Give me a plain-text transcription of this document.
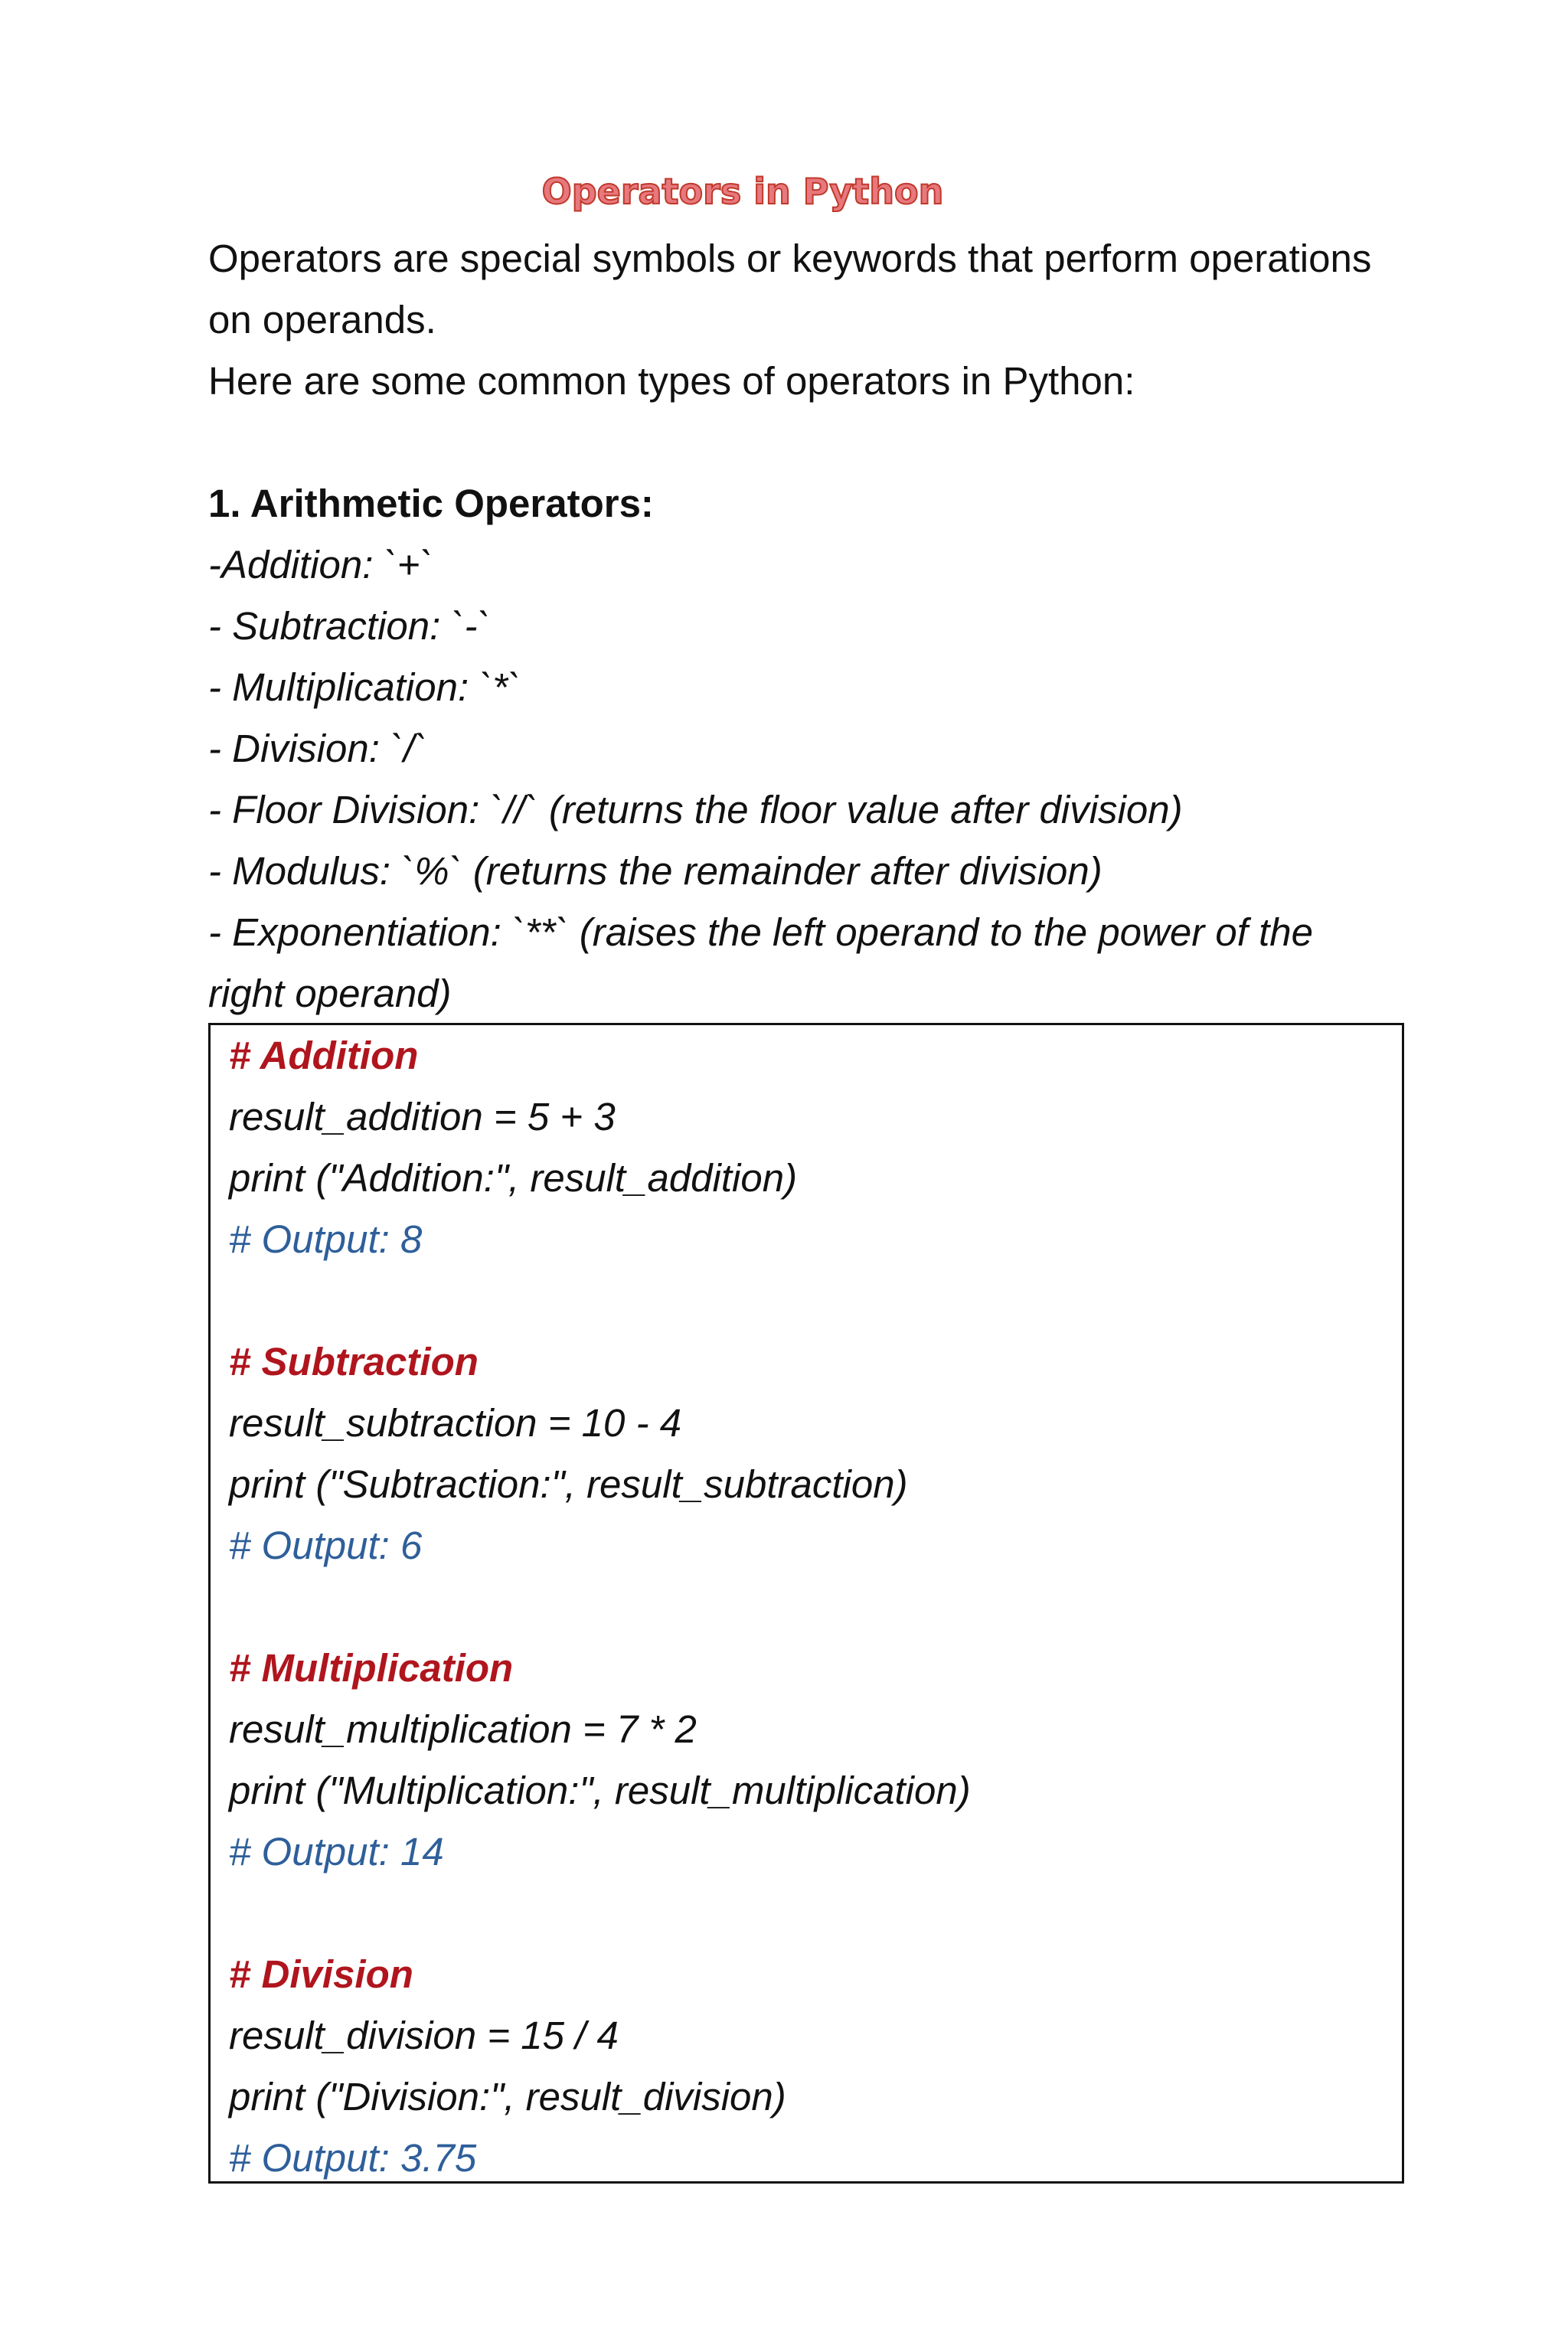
Operators in Python
Operators are special symbols or keywords that perform operations
on operands.
Here are some common types of operators in Python:
1. Arithmetic Operators:
-Addition: `+`
- Subtraction: `-`
- Multiplication: `*`
- Division: `/`
- Floor Division: `//` (returns the floor value after division)
- Modulus: `%` (returns the remainder after division)
- Exponentiation: `**` (raises the left operand to the power of the
right operand)
# Addition
result_addition = 5 + 3
print ("Addition:", result_addition)
# Output: 8
# Subtraction
result_subtraction = 10 - 4
print ("Subtraction:", result_subtraction)
# Output: 6
# Multiplication
result_multiplication = 7 * 2
print ("Multiplication:", result_multiplication)
# Output: 14
# Division
result_division = 15 / 4
print ("Division:", result_division)
# Output: 3.75
